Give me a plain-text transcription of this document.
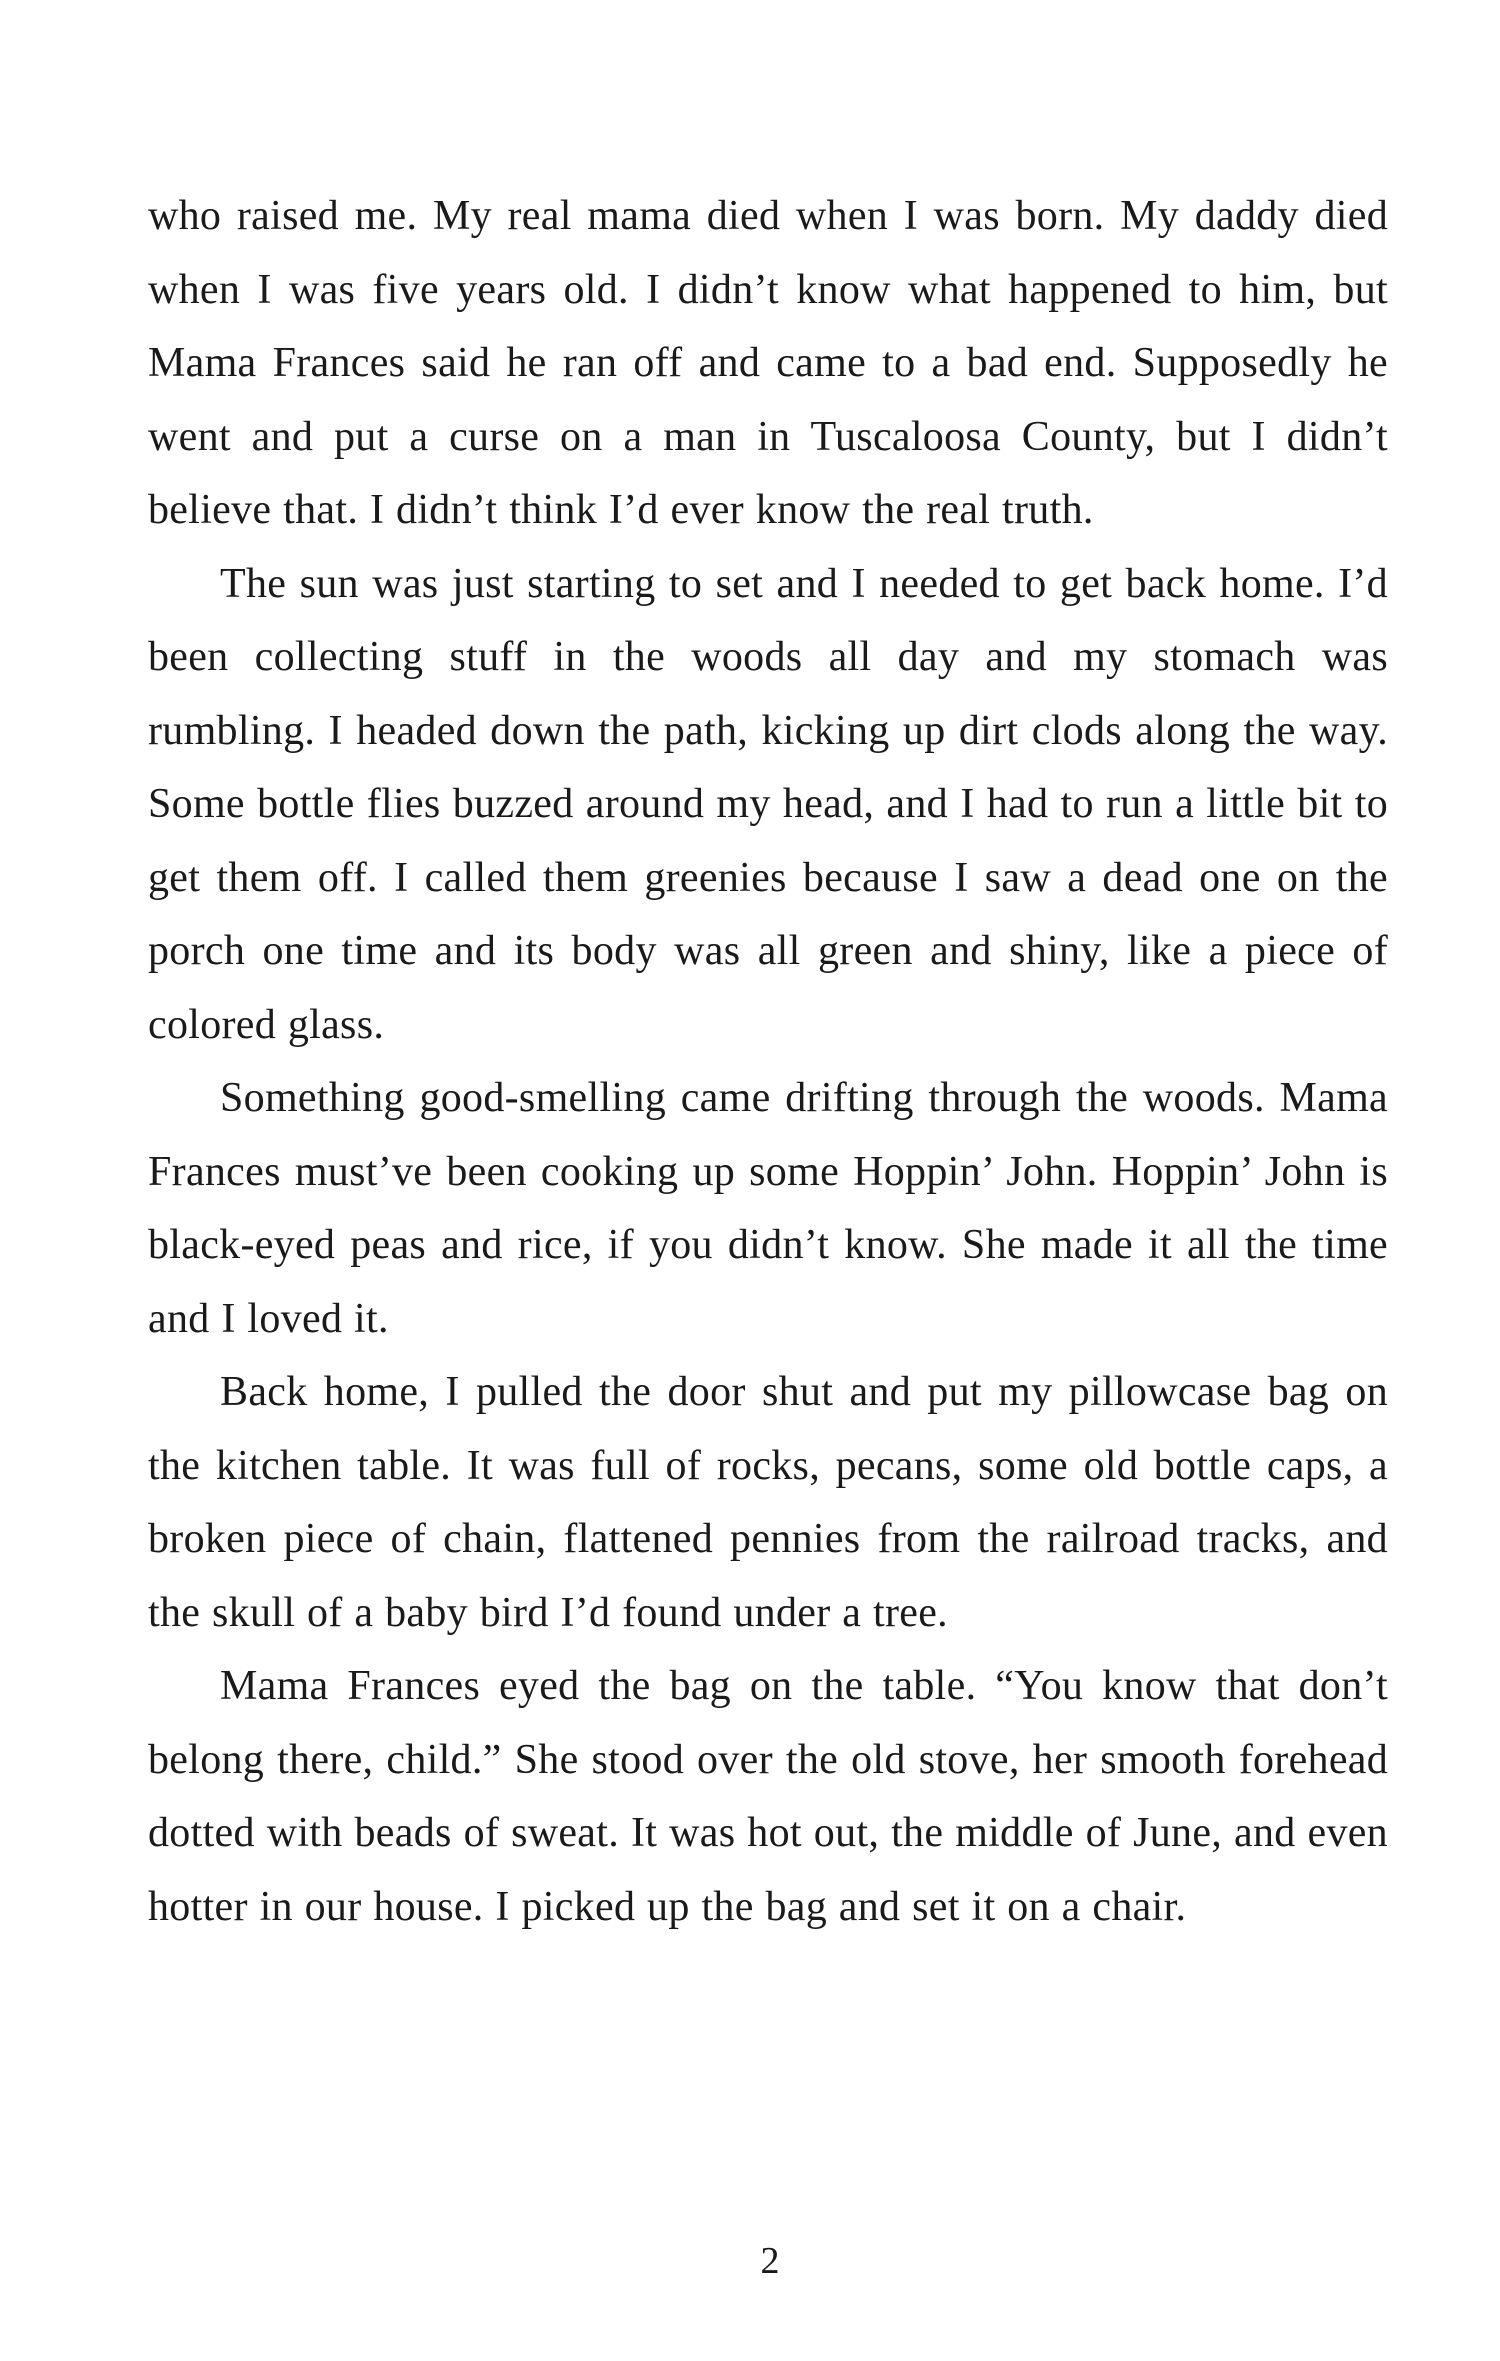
who raised me. My real mama died when I was born. My daddy died when I was five years old. I didn’t know what happened to him, but Mama Frances said he ran off and came to a bad end. Supposedly he went and put a curse on a man in Tuscaloosa County, but I didn’t believe that. I didn’t think I’d ever know the real truth.

The sun was just starting to set and I needed to get back home. I’d been collecting stuff in the woods all day and my stomach was rumbling. I headed down the path, kicking up dirt clods along the way. Some bottle flies buzzed around my head, and I had to run a little bit to get them off. I called them greenies because I saw a dead one on the porch one time and its body was all green and shiny, like a piece of colored glass.

Something good-smelling came drifting through the woods. Mama Frances must’ve been cooking up some Hoppin’ John. Hoppin’ John is black-eyed peas and rice, if you didn’t know. She made it all the time and I loved it.

Back home, I pulled the door shut and put my pillowcase bag on the kitchen table. It was full of rocks, pecans, some old bottle caps, a broken piece of chain, flattened pennies from the railroad tracks, and the skull of a baby bird I’d found under a tree.

Mama Frances eyed the bag on the table. “You know that don’t belong there, child.” She stood over the old stove, her smooth forehead dotted with beads of sweat. It was hot out, the middle of June, and even hotter in our house. I picked up the bag and set it on a chair.

2
